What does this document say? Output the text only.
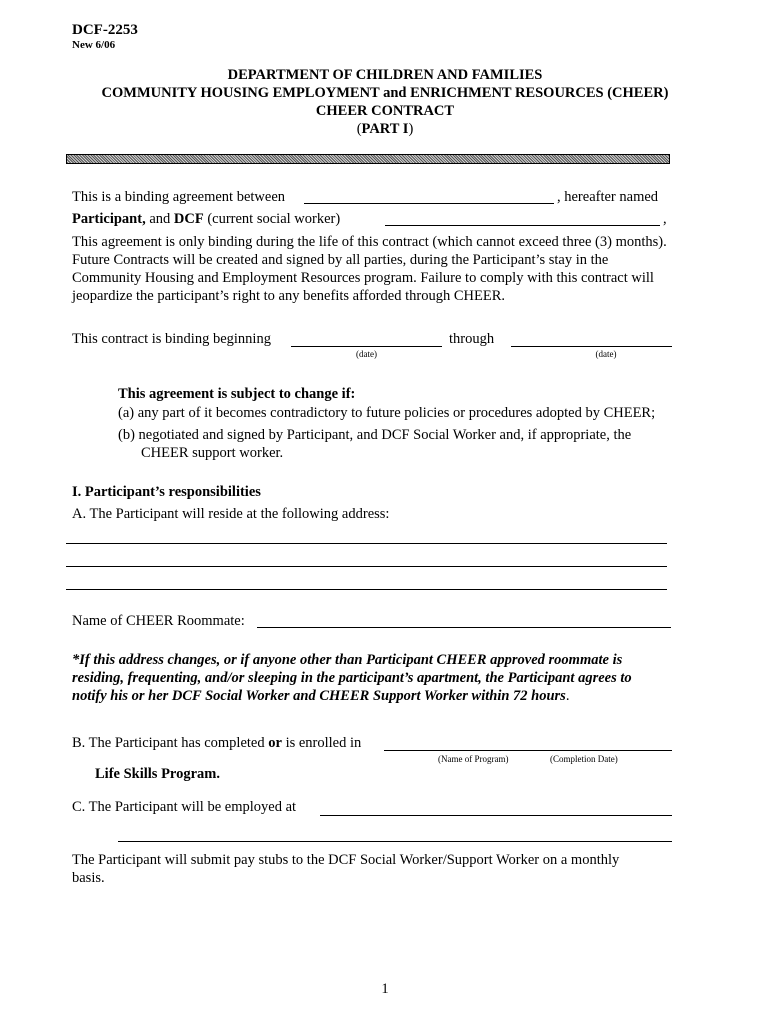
DCF-2253
New 6/06
DEPARTMENT OF CHILDREN AND FAMILIES
COMMUNITY HOUSING EMPLOYMENT and ENRICHMENT RESOURCES (CHEER)
CHEER CONTRACT
(PART I)
This is a binding agreement between	, hereafter named
Participant, and DCF (current social worker)	,
This agreement is only binding during the life of this contract (which cannot exceed three (3) months).
Future Contracts will be created and signed by all parties, during the Participant’s stay in the
Community Housing and Employment Resources program. Failure to comply with this contract will
jeopardize the participant’s right to any benefits afforded through CHEER.
This contract is binding beginning
(date)
through
(date)
This agreement is subject to change if:
(a) any part of it becomes contradictory to future policies or procedures adopted by CHEER;
(b) negotiated and signed by Participant, and DCF Social Worker and, if appropriate, the
CHEER support worker.
I. Participant’s responsibilities
A. The Participant will reside at the following address:
Name of CHEER Roommate:
*If this address changes, or if anyone other than Participant CHEER approved roommate is
residing, frequenting, and/or sleeping in the participant’s apartment, the Participant agrees to
notify his or her DCF Social Worker and CHEER Support Worker within 72 hours.
B. The Participant has completed or is enrolled in
(Name of Program)	(Completion Date)
Life Skills Program.
C. The Participant will be employed at
The Participant will submit pay stubs to the DCF Social Worker/Support Worker on a monthly
basis.
1
